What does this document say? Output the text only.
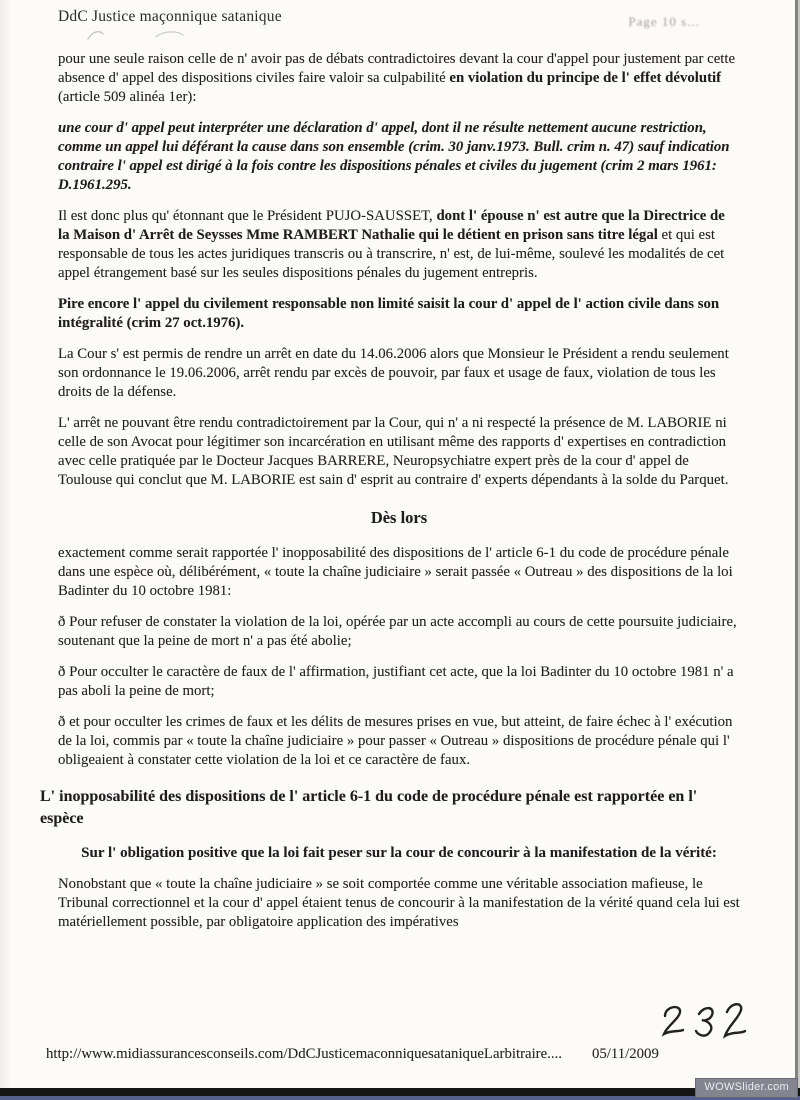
DdC Justice maçonnique satanique	Page 10 s...

pour une seule raison celle de n' avoir pas de débats contradictoires devant la cour d'appel pour justement par cette absence d' appel des dispositions civiles faire valoir sa culpabilité en violation du principe de l' effet dévolutif (article 509 alinéa 1er):

une cour d' appel peut interpréter une déclaration d' appel, dont il ne résulte nettement aucune restriction, comme un appel lui déférant la cause dans son ensemble (crim. 30 janv.1973. Bull. crim n. 47) sauf indication contraire l' appel est dirigé à la fois contre les dispositions pénales et civiles du jugement (crim 2 mars 1961: D.1961.295.

Il est donc plus qu' étonnant que le Président PUJO-SAUSSET, dont l' épouse n' est autre que la Directrice de la Maison d' Arrêt de Seysses Mme RAMBERT Nathalie qui le détient en prison sans titre légal et qui est responsable de tous les actes juridiques transcris ou à transcrire, n' est, de lui-même, soulevé les modalités de cet appel étrangement basé sur les seules dispositions pénales du jugement entrepris.

Pire encore l' appel du civilement responsable non limité saisit la cour d' appel de l' action civile dans son intégralité (crim 27 oct.1976).

La Cour s' est permis de rendre un arrêt en date du 14.06.2006 alors que Monsieur le Président a rendu seulement son ordonnance le 19.06.2006, arrêt rendu par excès de pouvoir, par faux et usage de faux, violation de tous les droits de la défense.

L' arrêt ne pouvant être rendu contradictoirement par la Cour, qui n' a ni respecté la présence de M. LABORIE ni celle de son Avocat pour légitimer son incarcération en utilisant même des rapports d' expertises en contradiction avec celle pratiquée par le Docteur Jacques BARRERE, Neuropsychiatre expert près de la cour d' appel de Toulouse qui conclut que M. LABORIE est sain d' esprit au contraire d' experts dépendants à la solde du Parquet.

Dès lors

exactement comme serait rapportée l' inopposabilité des dispositions de l' article 6-1 du code de procédure pénale dans une espèce où, délibérément, « toute la chaîne judiciaire » serait passée « Outreau » des dispositions de la loi Badinter du 10 octobre 1981:

ð Pour refuser de constater la violation de la loi, opérée par un acte accompli au cours de cette poursuite judiciaire, soutenant que la peine de mort n' a pas été abolie;

ð Pour occulter le caractère de faux de l' affirmation, justifiant cet acte, que la loi Badinter du 10 octobre 1981 n' a pas aboli la peine de mort;

ð et pour occulter les crimes de faux et les délits de mesures prises en vue, but atteint, de faire échec à l' exécution de la loi, commis par « toute la chaîne judiciaire » pour passer « Outreau » dispositions de procédure pénale qui l' obligeaient à constater cette violation de la loi et ce caractère de faux.

L' inopposabilité des dispositions de l' article 6-1 du code de procédure pénale est rapportée en l' espèce

Sur l' obligation positive que la loi fait peser sur la cour de concourir à la manifestation de la vérité:

Nonobstant que « toute la chaîne judiciaire » se soit comportée comme une véritable association mafieuse, le Tribunal correctionnel et la cour d' appel étaient tenus de concourir à la manifestation de la vérité quand cela lui est matériellement possible, par obligatoire application des impératives

http://www.midiassurancesconseils.com/DdCJusticemaconniquesataniqueLarbitraire.... 05/11/2009
WOWSlider.com
